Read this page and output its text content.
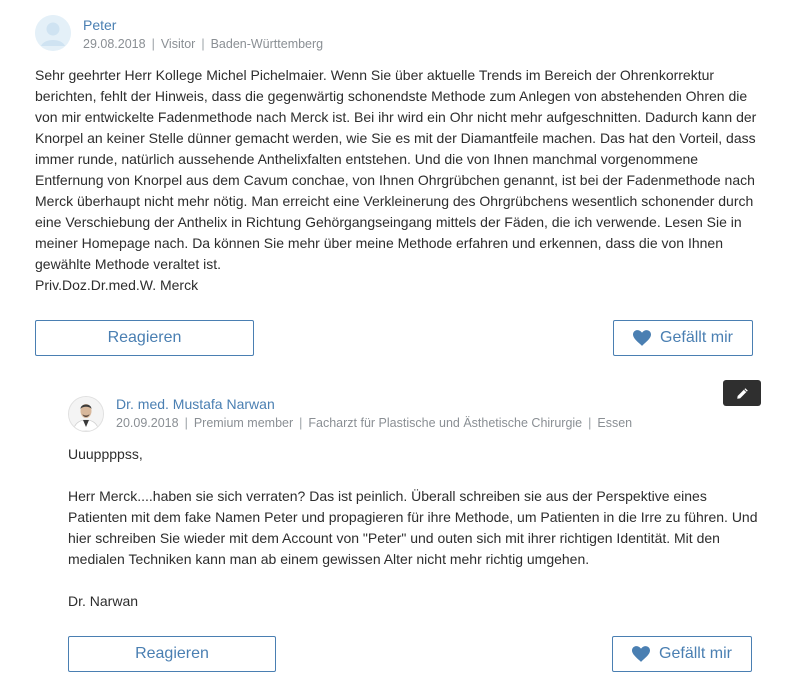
Peter
29.08.2018 | Visitor | Baden-Württemberg

Sehr geehrter Herr Kollege Michel Pichelmaier. Wenn Sie über aktuelle Trends im Bereich der Ohrenkorrektur

berichten, fehlt der Hinweis, dass die gegenwärtig schonendste Methode zum Anlegen von abstehenden Ohren die

von mir entwickelte Fadenmethode nach Merck ist. Bei ihr wird ein Ohr nicht mehr aufgeschnitten. Dadurch kann der

Knorpel an keiner Stelle dünner gemacht werden, wie Sie es mit der Diamantfeile machen. Das hat den Vorteil, dass

immer runde, natürlich aussehende Anthelixfalten entstehen. Und die von Ihnen manchmal vorgenommene

Entfernung von Knorpel aus dem Cavum conchae, von Ihnen Ohrgrübchen genannt, ist bei der Fadenmethode nach

Merck überhaupt nicht mehr nötig. Man erreicht eine Verkleinerung des Ohrgrübchens wesentlich schonender durch

eine Verschiebung der Anthelix in Richtung Gehörgangseingang mittels der Fäden, die ich verwende. Lesen Sie in

meiner Homepage nach. Da können Sie mehr über meine Methode erfahren und erkennen, dass die von Ihnen

gewählte Methode veraltet ist.

Priv.Doz.Dr.med.W. Merck

Reagieren	Gefällt mir
Dr. med. Mustafa Narwan
20.09.2018 | Premium member | Facharzt für Plastische und Ästhetische Chirurgie | Essen
Uuuppppss,

Herr Merck....haben sie sich verraten? Das ist peinlich. Überall schreiben sie aus der Perspektive eines

Patienten mit dem fake Namen Peter und propagieren für ihre Methode, um Patienten in die Irre zu führen. Und

hier schreiben Sie wieder mit dem Account von "Peter" und outen sich mit ihrer richtigen Identität. Mit den

medialen Techniken kann man ab einem gewissen Alter nicht mehr richtig umgehen.

Dr. Narwan
Reagieren	Gefällt mir
